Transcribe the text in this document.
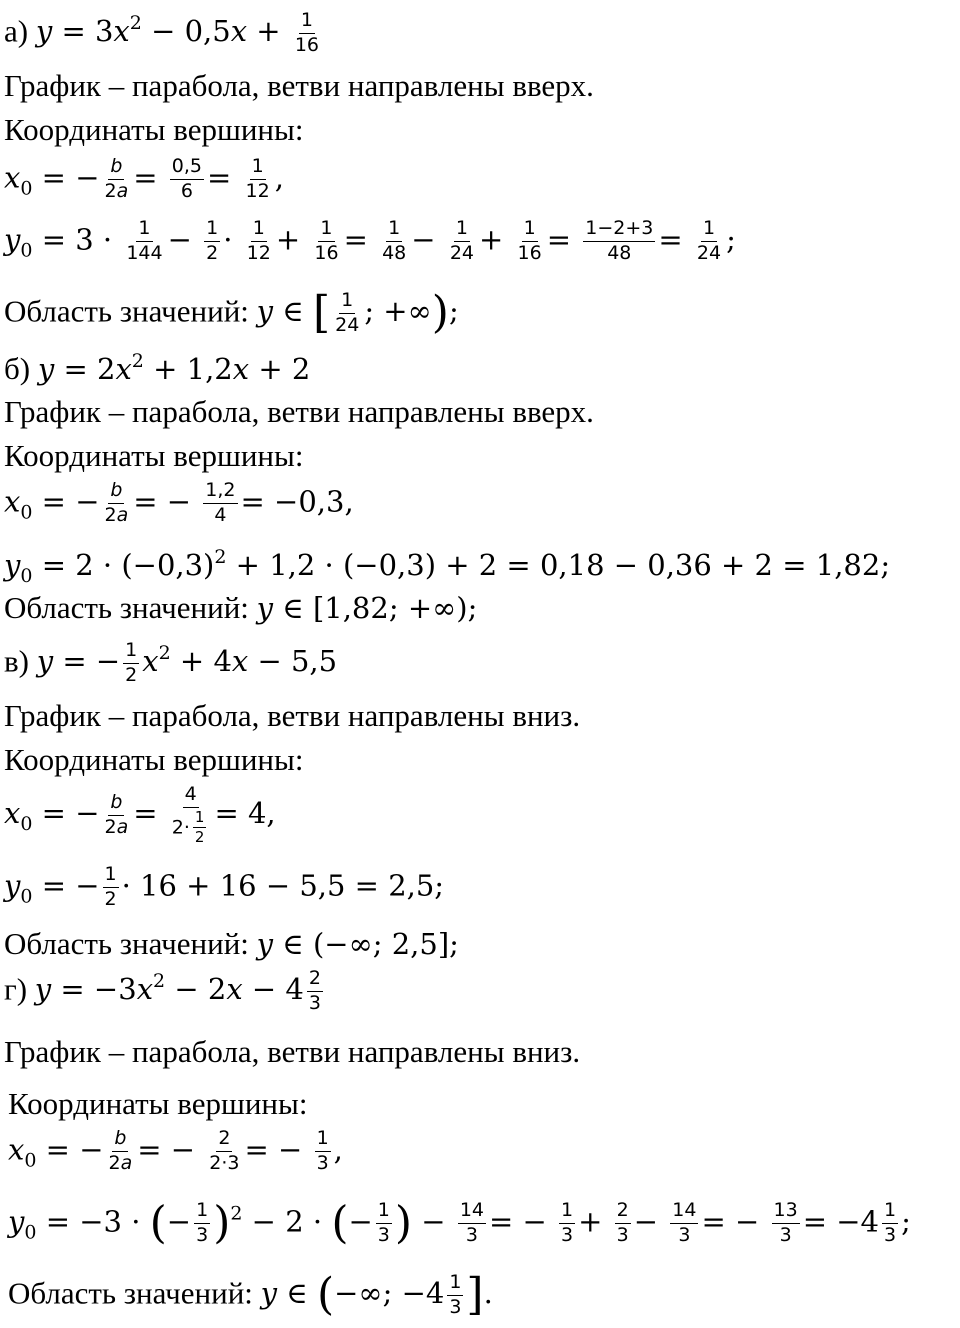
а) $y = 3x^2 - 0,5x + \frac{1}{16}$
График – парабола, ветви направлены вверх.
Координаты вершины:
$x_0$ = − $\frac{b}{2a} = \frac{0,5}{6} = \frac{1}{12}$ ,
$y_0 = 3 \cdot \frac{1}{144} - \frac{1}{2} \cdot \frac{1}{12} + \frac{1}{16} = \frac{1}{48} - \frac{1}{24} + \frac{1}{16} = \frac{1-2+3}{48} = \frac{1}{24}$ ;
Область значений: y ∈ [ $\frac{1}{24}$ ; +∞);
б) $y = 2x^2 + 1,2x + 2$
График – парабола, ветви направлены вверх.
Координаты вершины:
$x_0$ = − $\frac{b}{2a}$ = − $\frac{1,2}{4} = -0,3$,
$y_0 = 2 \cdot (-0,3)^2 + 1,2 \cdot (-0,3) + 2 = 0,18 - 0,36 + 2 = 1,82$;
Область значений: y ∈ [1,82; +∞);
в) y = − $\frac{1}{2} x^2 + 4x - 5,5$
График – парабола, ветви направлены вниз.
Координаты вершины:
$x_0$ = − $\frac{b}{2a} = \frac{4}{2\cdot \frac{1}{2}} = 4$,
$y_0$ = − $\frac{1}{2} \cdot 16 + 16 - 5,5 = 2,5$;
Область значений: y ∈ (−∞; 2,5];
г) $y = -3x^2 - 2x - 4 \frac{2}{3}$
График – парабола, ветви направлены вниз.
Координаты вершины:
$x_0$ = − $\frac{b}{2a}$ = − $\frac{2}{2\cdot 3}$ = − $\frac{1}{3}$ ,
$y_0 = -3$ · (− $\frac{1}{3} )^2 - 2$ · (− $\frac{1}{3}$ ) − $\frac{14}{3}$ = − $\frac{1}{3} + \frac{2}{3} - \frac{14}{3}$ = − $\frac{13}{3} = -4 \frac{1}{3}$ ;
Область значений: y ∈ (−∞; $-4 \frac{1}{3}$ ].
